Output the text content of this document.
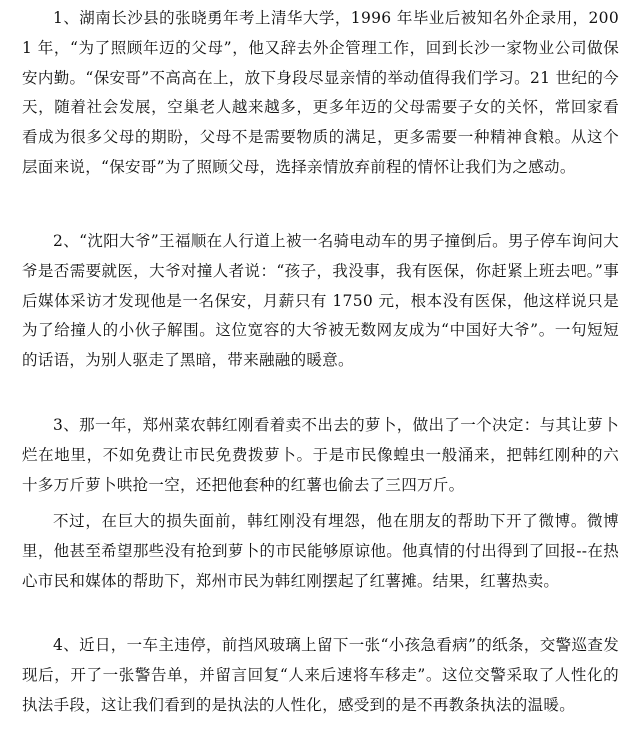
1、湖南长沙县的张晓勇年考上清华大学，1996 年毕业后被知名外企录用，2001 年，“为了照顾年迈的父母”，他又辞去外企管理工作，回到长沙一家物业公司做保安内勤。“保安哥”不高高在上，放下身段尽显亲情的举动值得我们学习。21 世纪的今天，随着社会发展，空巢老人越来越多，更多年迈的父母需要子女的关怀，常回家看看成为很多父母的期盼，父母不是需要物质的满足，更多需要一种精神食粮。从这个层面来说，“保安哥”为了照顾父母，选择亲情放弃前程的情怀让我们为之感动。

2、“沈阳大爷”王福顺在人行道上被一名骑电动车的男子撞倒后。男子停车询问大爷是否需要就医，大爷对撞人者说：“孩子，我没事，我有医保，你赶紧上班去吧。”事后媒体采访才发现他是一名保安，月薪只有 1750 元，根本没有医保，他这样说只是为了给撞人的小伙子解围。这位宽容的大爷被无数网友成为“中国好大爷”。一句短短的话语，为别人驱走了黑暗，带来融融的暖意。

3、那一年，郑州菜农韩红刚看着卖不出去的萝卜，做出了一个决定：与其让萝卜烂在地里，不如免费让市民免费拨萝卜。于是市民像蝗虫一般涌来，把韩红刚种的六十多万斤萝卜哄抢一空，还把他套种的红薯也偷去了三四万斤。

不过，在巨大的损失面前，韩红刚没有埋怨，他在朋友的帮助下开了微博。微博里，他甚至希望那些没有抢到萝卜的市民能够原谅他。他真情的付出得到了回报--在热心市民和媒体的帮助下，郑州市民为韩红刚摆起了红薯摊。结果，红薯热卖。

4、近日，一车主违停，前挡风玻璃上留下一张“小孩急看病”的纸条，交警巡查发现后，开了一张警告单，并留言回复“人来后速将车移走”。这位交警采取了人性化的执法手段，这让我们看到的是执法的人性化，感受到的是不再教条执法的温暖。
